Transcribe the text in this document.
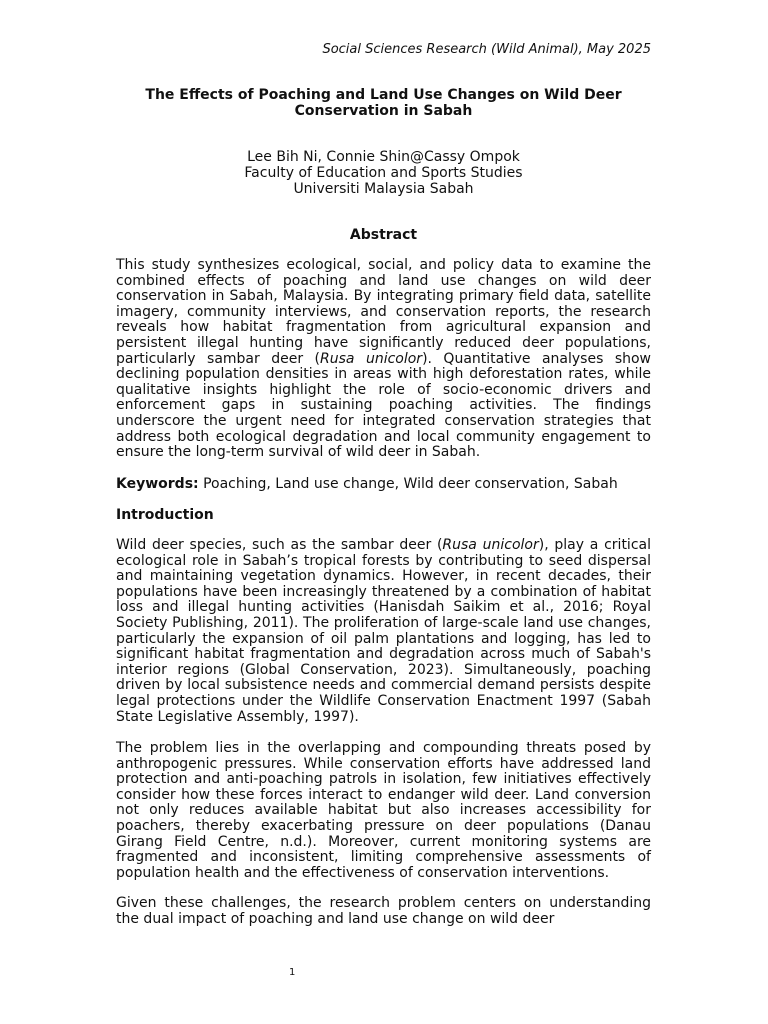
Social Sciences Research (Wild Animal), May 2025
The Effects of Poaching and Land Use Changes on Wild Deer
Conservation in Sabah
Lee Bih Ni, Connie Shin@Cassy Ompok
Faculty of Education and Sports Studies
Universiti Malaysia Sabah
Abstract
This study synthesizes ecological, social, and policy data to examine the combined effects of poaching and land use changes on wild deer conservation in Sabah, Malaysia. By integrating primary field data, satellite imagery, community interviews, and conservation reports, the research reveals how habitat fragmentation from agricultural expansion and persistent illegal hunting have significantly reduced deer populations, particularly sambar deer (Rusa unicolor). Quantitative analyses show declining population densities in areas with high deforestation rates, while qualitative insights highlight the role of socio-economic drivers and enforcement gaps in sustaining poaching activities. The findings underscore the urgent need for integrated conservation strategies that address both ecological degradation and local community engagement to ensure the long-term survival of wild deer in Sabah.
Keywords: Poaching, Land use change, Wild deer conservation, Sabah
Introduction
Wild deer species, such as the sambar deer (Rusa unicolor), play a critical ecological role in Sabah’s tropical forests by contributing to seed dispersal and maintaining vegetation dynamics. However, in recent decades, their populations have been increasingly threatened by a combination of habitat loss and illegal hunting activities (Hanisdah Saikim et al., 2016; Royal Society Publishing, 2011). The proliferation of large-scale land use changes, particularly the expansion of oil palm plantations and logging, has led to significant habitat fragmentation and degradation across much of Sabah's interior regions (Global Conservation, 2023). Simultaneously, poaching driven by local subsistence needs and commercial demand persists despite legal protections under the Wildlife Conservation Enactment 1997 (Sabah State Legislative Assembly, 1997).
The problem lies in the overlapping and compounding threats posed by anthropogenic pressures. While conservation efforts have addressed land protection and anti-poaching patrols in isolation, few initiatives effectively consider how these forces interact to endanger wild deer. Land conversion not only reduces available habitat but also increases accessibility for poachers, thereby exacerbating pressure on deer populations (Danau Girang Field Centre, n.d.). Moreover, current monitoring systems are fragmented and inconsistent, limiting comprehensive assessments of population health and the effectiveness of conservation interventions.
Given these challenges, the research problem centers on understanding the dual impact of poaching and land use change on wild deer
1
